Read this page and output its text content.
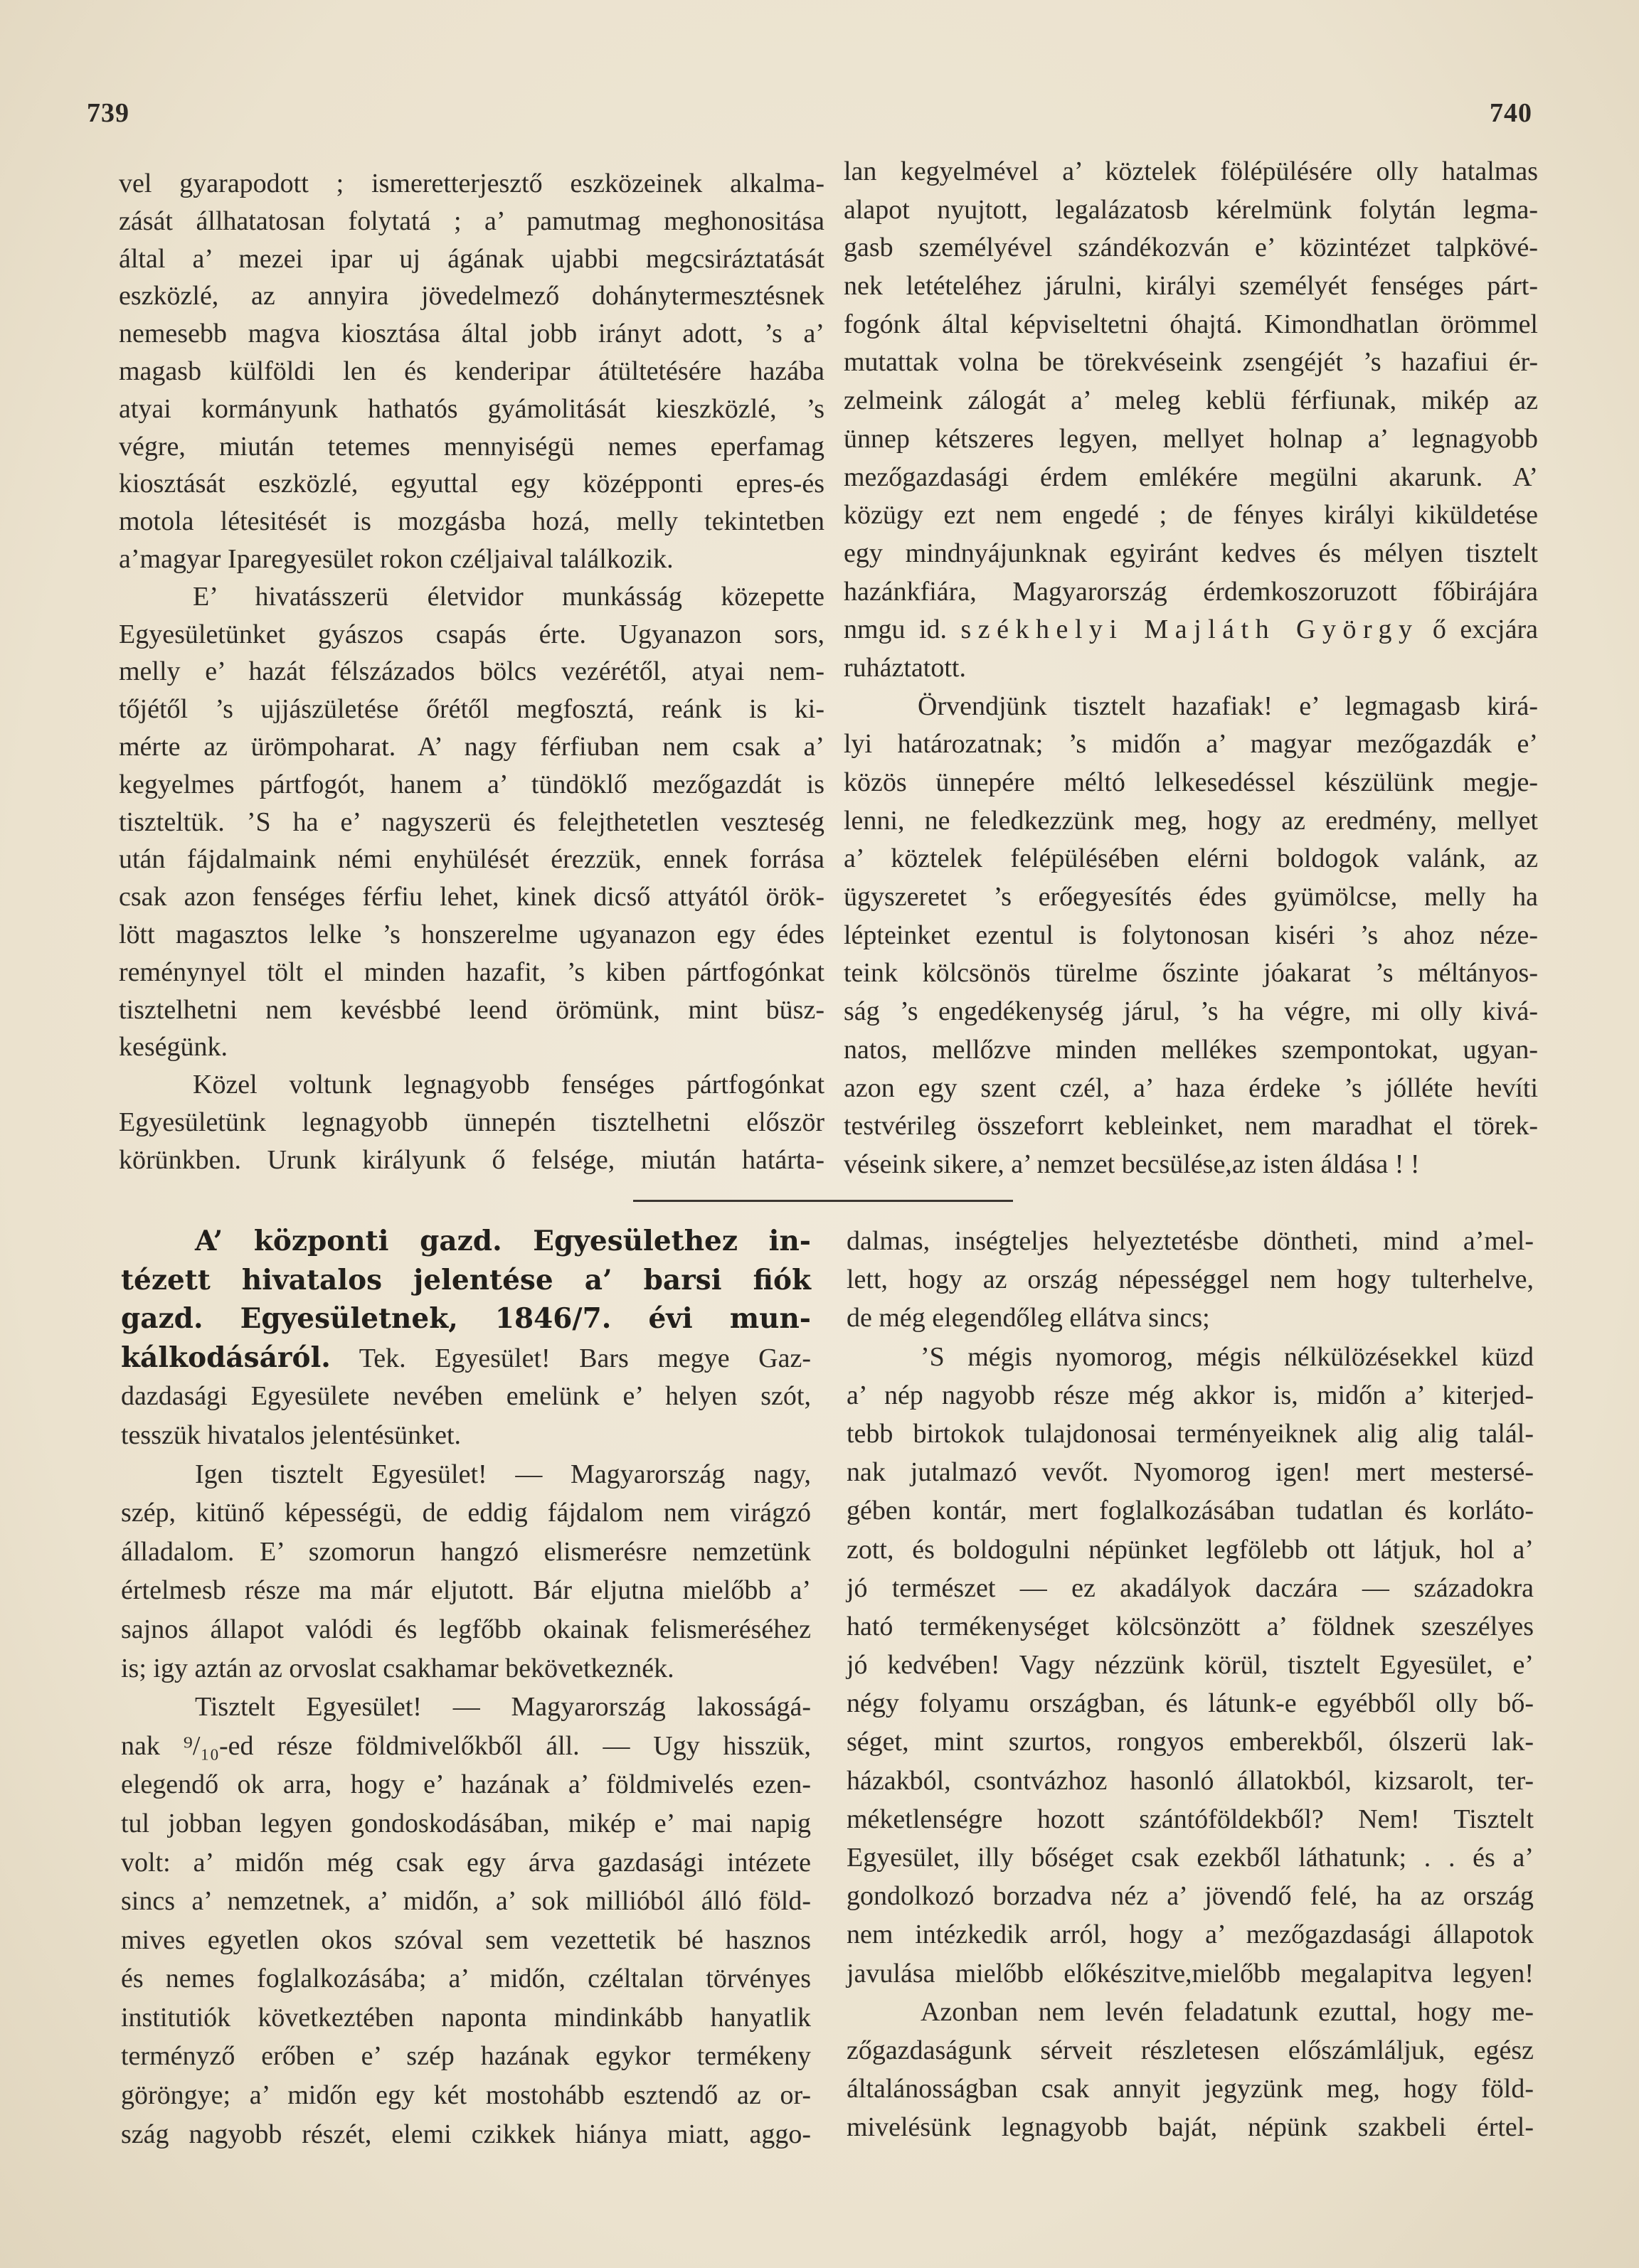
739	740
vel gyarapodott ; ismeretterjesztő eszközeinek alkalma-
zását állhatatosan folytatá ; a’ pamutmag meghonositása
által a’ mezei ipar uj ágának ujabbi megcsiráztatását
eszközlé, az annyira jövedelmező dohánytermesztésnek
nemesebb magva kiosztása által jobb irányt adott, ’s a’
magasb külföldi len és kenderipar átültetésére hazába
atyai kormányunk hathatós gyámolitását kieszközlé, ’s
végre, miután tetemes mennyiségü nemes eperfamag
kiosztását eszközlé, egyuttal egy középponti epres-és
motola létesitését is mozgásba hozá, melly tekintetben
a’magyar Iparegyesület rokon czéljaival találkozik.
E’ hivatásszerü életvidor munkásság közepette
Egyesületünket gyászos csapás érte. Ugyanazon sors,
melly e’ hazát félszázados bölcs vezérétől, atyai nem-
tőjétől ’s ujjászületése őrétől megfosztá, reánk is ki-
mérte az ürömpoharat. A’ nagy férfiuban nem csak a’
kegyelmes pártfogót, hanem a’ tündöklő mezőgazdát is
tiszteltük. ’S ha e’ nagyszerü és felejthetetlen veszteség
után fájdalmaink némi enyhülését érezzük, ennek forrása
csak azon fenséges férfiu lehet, kinek dicső attyától örök-
lött magasztos lelke ’s honszerelme ugyanazon egy édes
reménynyel tölt el minden hazafit, ’s kiben pártfogónkat
tisztelhetni nem kevésbbé leend örömünk, mint büsz-
keségünk.
Közel voltunk legnagyobb fenséges pártfogónkat
Egyesületünk legnagyobb ünnepén tisztelhetni először
körünkben. Urunk királyunk ő felsége, miután határta-
lan kegyelmével a’ köztelek fölépülésére olly hatalmas
alapot nyujtott, legalázatosb kérelmünk folytán legma-
gasb személyével szándékozván e’ közintézet talpkövé-
nek letételéhez járulni, királyi személyét fenséges párt-
fogónk által képviseltetni óhajtá. Kimondhatlan örömmel
mutattak volna be törekvéseink zsengéjét ’s hazafiui ér-
zelmeink zálogát a’ meleg keblü férfiunak, mikép az
ünnep kétszeres legyen, mellyet holnap a’ legnagyobb
mezőgazdasági érdem emlékére megülni akarunk. A’
közügy ezt nem engedé ; de fényes királyi kiküldetése
egy mindnyájunknak egyiránt kedves és mélyen tisztelt
hazánkfiára, Magyarország érdemkoszoruzott főbirájára
nmgu id. székhelyi Majláth György ő excjára
ruháztatott.
Örvendjünk tisztelt hazafiak! e’ legmagasb kirá-
lyi határozatnak; ’s midőn a’ magyar mezőgazdák e’
közös ünnepére méltó lelkesedéssel készülünk megje-
lenni, ne feledkezzünk meg, hogy az eredmény, mellyet
a’ köztelek felépülésében elérni boldogok valánk, az
ügyszeretet ’s erőegyesítés édes gyümölcse, melly ha
lépteinket ezentul is folytonosan kiséri ’s ahoz néze-
teink kölcsönös türelme őszinte jóakarat ’s méltányos-
ság ’s engedékenység járul, ’s ha végre, mi olly kivá-
natos, mellőzve minden mellékes szempontokat, ugyan-
azon egy szent czél, a’ haza érdeke ’s jólléte hevíti
testvérileg összeforrt kebleinket, nem maradhat el törek-
véseink sikere, a’ nemzet becsülése,az isten áldása ! !
A’ központi gazd. Egyesülethez in-
tézett hivatalos jelentése a’ barsi fiók
gazd. Egyesületnek, 1846/7. évi mun-
kálkodásáról. Tek. Egyesület! Bars megye Gaz-
dazdasági Egyesülete nevében emelünk e’ helyen szót,
tesszük hivatalos jelentésünket.
Igen tisztelt Egyesület! — Magyarország nagy,
szép, kitünő képességü, de eddig fájdalom nem virágzó
álladalom. E’ szomorun hangzó elismerésre nemzetünk
értelmesb része ma már eljutott. Bár eljutna mielőbb a’
sajnos állapot valódi és legfőbb okainak felismeréséhez
is; igy aztán az orvoslat csakhamar bekövetkeznék.
Tisztelt Egyesület! — Magyarország lakosságá-
nak ⁹/₁₀-ed része földmivelőkből áll. — Ugy hisszük,
elegendő ok arra, hogy e’ hazának a’ földmivelés ezen-
tul jobban legyen gondoskodásában, mikép e’ mai napig
volt: a’ midőn még csak egy árva gazdasági intézete
sincs a’ nemzetnek, a’ midőn, a’ sok millióból álló föld-
mives egyetlen okos szóval sem vezettetik bé hasznos
és nemes foglalkozásába; a’ midőn, czéltalan törvényes
institutiók következtében naponta mindinkább hanyatlik
terményző erőben e’ szép hazának egykor termékeny
göröngye; a’ midőn egy két mostohább esztendő az or-
szág nagyobb részét, elemi czikkek hiánya miatt, aggo-
dalmas, inségteljes helyeztetésbe döntheti, mind a’mel-
lett, hogy az ország népességgel nem hogy tulterhelve,
de még elegendőleg ellátva sincs;
’S mégis nyomorog, mégis nélkülözésekkel küzd
a’ nép nagyobb része még akkor is, midőn a’ kiterjed-
tebb birtokok tulajdonosai terményeiknek alig alig talál-
nak jutalmazó vevőt. Nyomorog igen! mert mestersé-
gében kontár, mert foglalkozásában tudatlan és korláto-
zott, és boldogulni népünket legfölebb ott látjuk, hol a’
jó természet — ez akadályok daczára — századokra
ható termékenységet kölcsönzött a’ földnek szeszélyes
jó kedvében! Vagy nézzünk körül, tisztelt Egyesület, e’
négy folyamu országban, és látunk-e egyébből olly bő-
séget, mint szurtos, rongyos emberekből, ólszerü lak-
házakból, csontvázhoz hasonló állatokból, kizsarolt, ter-
méketlenségre hozott szántóföldekből? Nem! Tisztelt
Egyesület, illy bőséget csak ezekből láthatunk; . . és a’
gondolkozó borzadva néz a’ jövendő felé, ha az ország
nem intézkedik arról, hogy a’ mezőgazdasági állapotok
javulása mielőbb előkészitve,mielőbb megalapitva legyen!
Azonban nem levén feladatunk ezuttal, hogy me-
zőgazdaságunk sérveit részletesen előszámláljuk, egész
általánosságban csak annyit jegyzünk meg, hogy föld-
mivelésünk legnagyobb baját, népünk szakbeli értel-
